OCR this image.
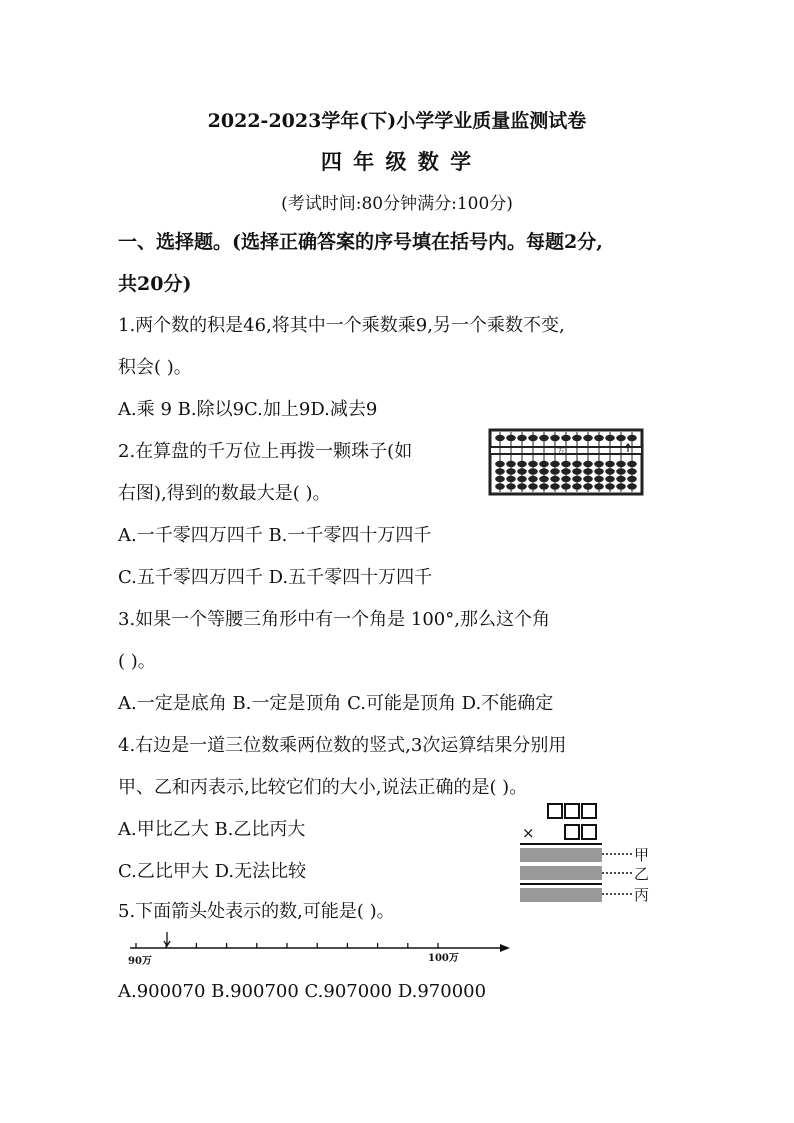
2022-2023学年(下)小学学业质量监测试卷
四 年 级 数 学
(考试时间:80分钟满分:100分)
一、选择题。(选择正确答案的序号填在括号内。每题2分,
共20分)
1.两个数的积是46,将其中一个乘数乘9,另一个乘数不变,
积会( )。
A.乘 9 B.除以9C.加上9D.减去9
2.在算盘的千万位上再拨一颗珠子(如
右图),得到的数最大是( )。
A.一千零四万四千 B.一千零四十万四千
C.五千零四万四千 D.五千零四十万四千
万
3.如果一个等腰三角形中有一个角是 100°,那么这个角
( )。
A.一定是底角 B.一定是顶角 C.可能是顶角 D.不能确定
4.右边是一道三位数乘两位数的竖式,3次运算结果分别用
甲、乙和丙表示,比较它们的大小,说法正确的是( )。
A.甲比乙大 B.乙比丙大
C.乙比甲大 D.无法比较
×
甲
乙
丙
5.下面箭头处表示的数,可能是( )。
90万	100万
A.900070 B.900700 C.907000 D.970000
